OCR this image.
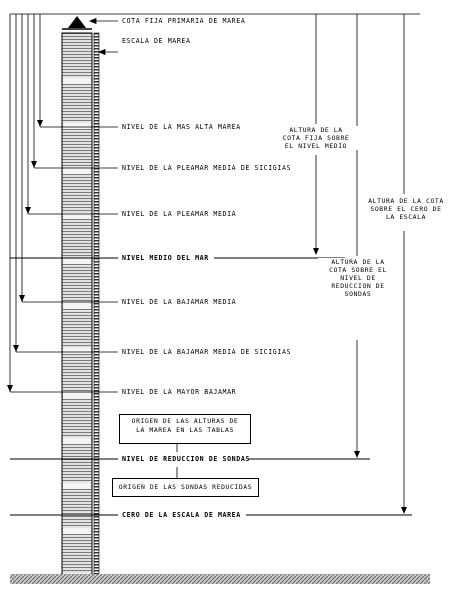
COTA FIJA PRIMARIA DE MAREA
ESCALA DE MAREA
NIVEL DE LA MAS ALTA MAREA
NIVEL DE LA PLEAMAR MEDIA DE SICIGIAS
NIVEL DE LA PLEAMAR MEDIA
NIVEL MEDIO DEL MAR
NIVEL DE LA BAJAMAR MEDIA
NIVEL DE LA BAJAMAR MEDIA DE SICIGIAS
NIVEL DE LA MAYOR BAJAMAR
NIVEL DE REDUCCION DE SONDAS
CERO DE LA ESCALA DE MAREA
ORIGEN DE LAS ALTURAS DE
LA MAREA EN LAS TABLAS
ORIGEN DE LAS SONDAS REDUCIDAS
ALTURA DE LA
COTA FIJA SOBRE
EL NIVEL MEDIO
ALTURA DE LA
COTA SOBRE EL
NIVEL DE
REDUCCION DE
SONDAS
ALTURA DE LA COTA
SOBRE EL CERO DE
LA ESCALA
